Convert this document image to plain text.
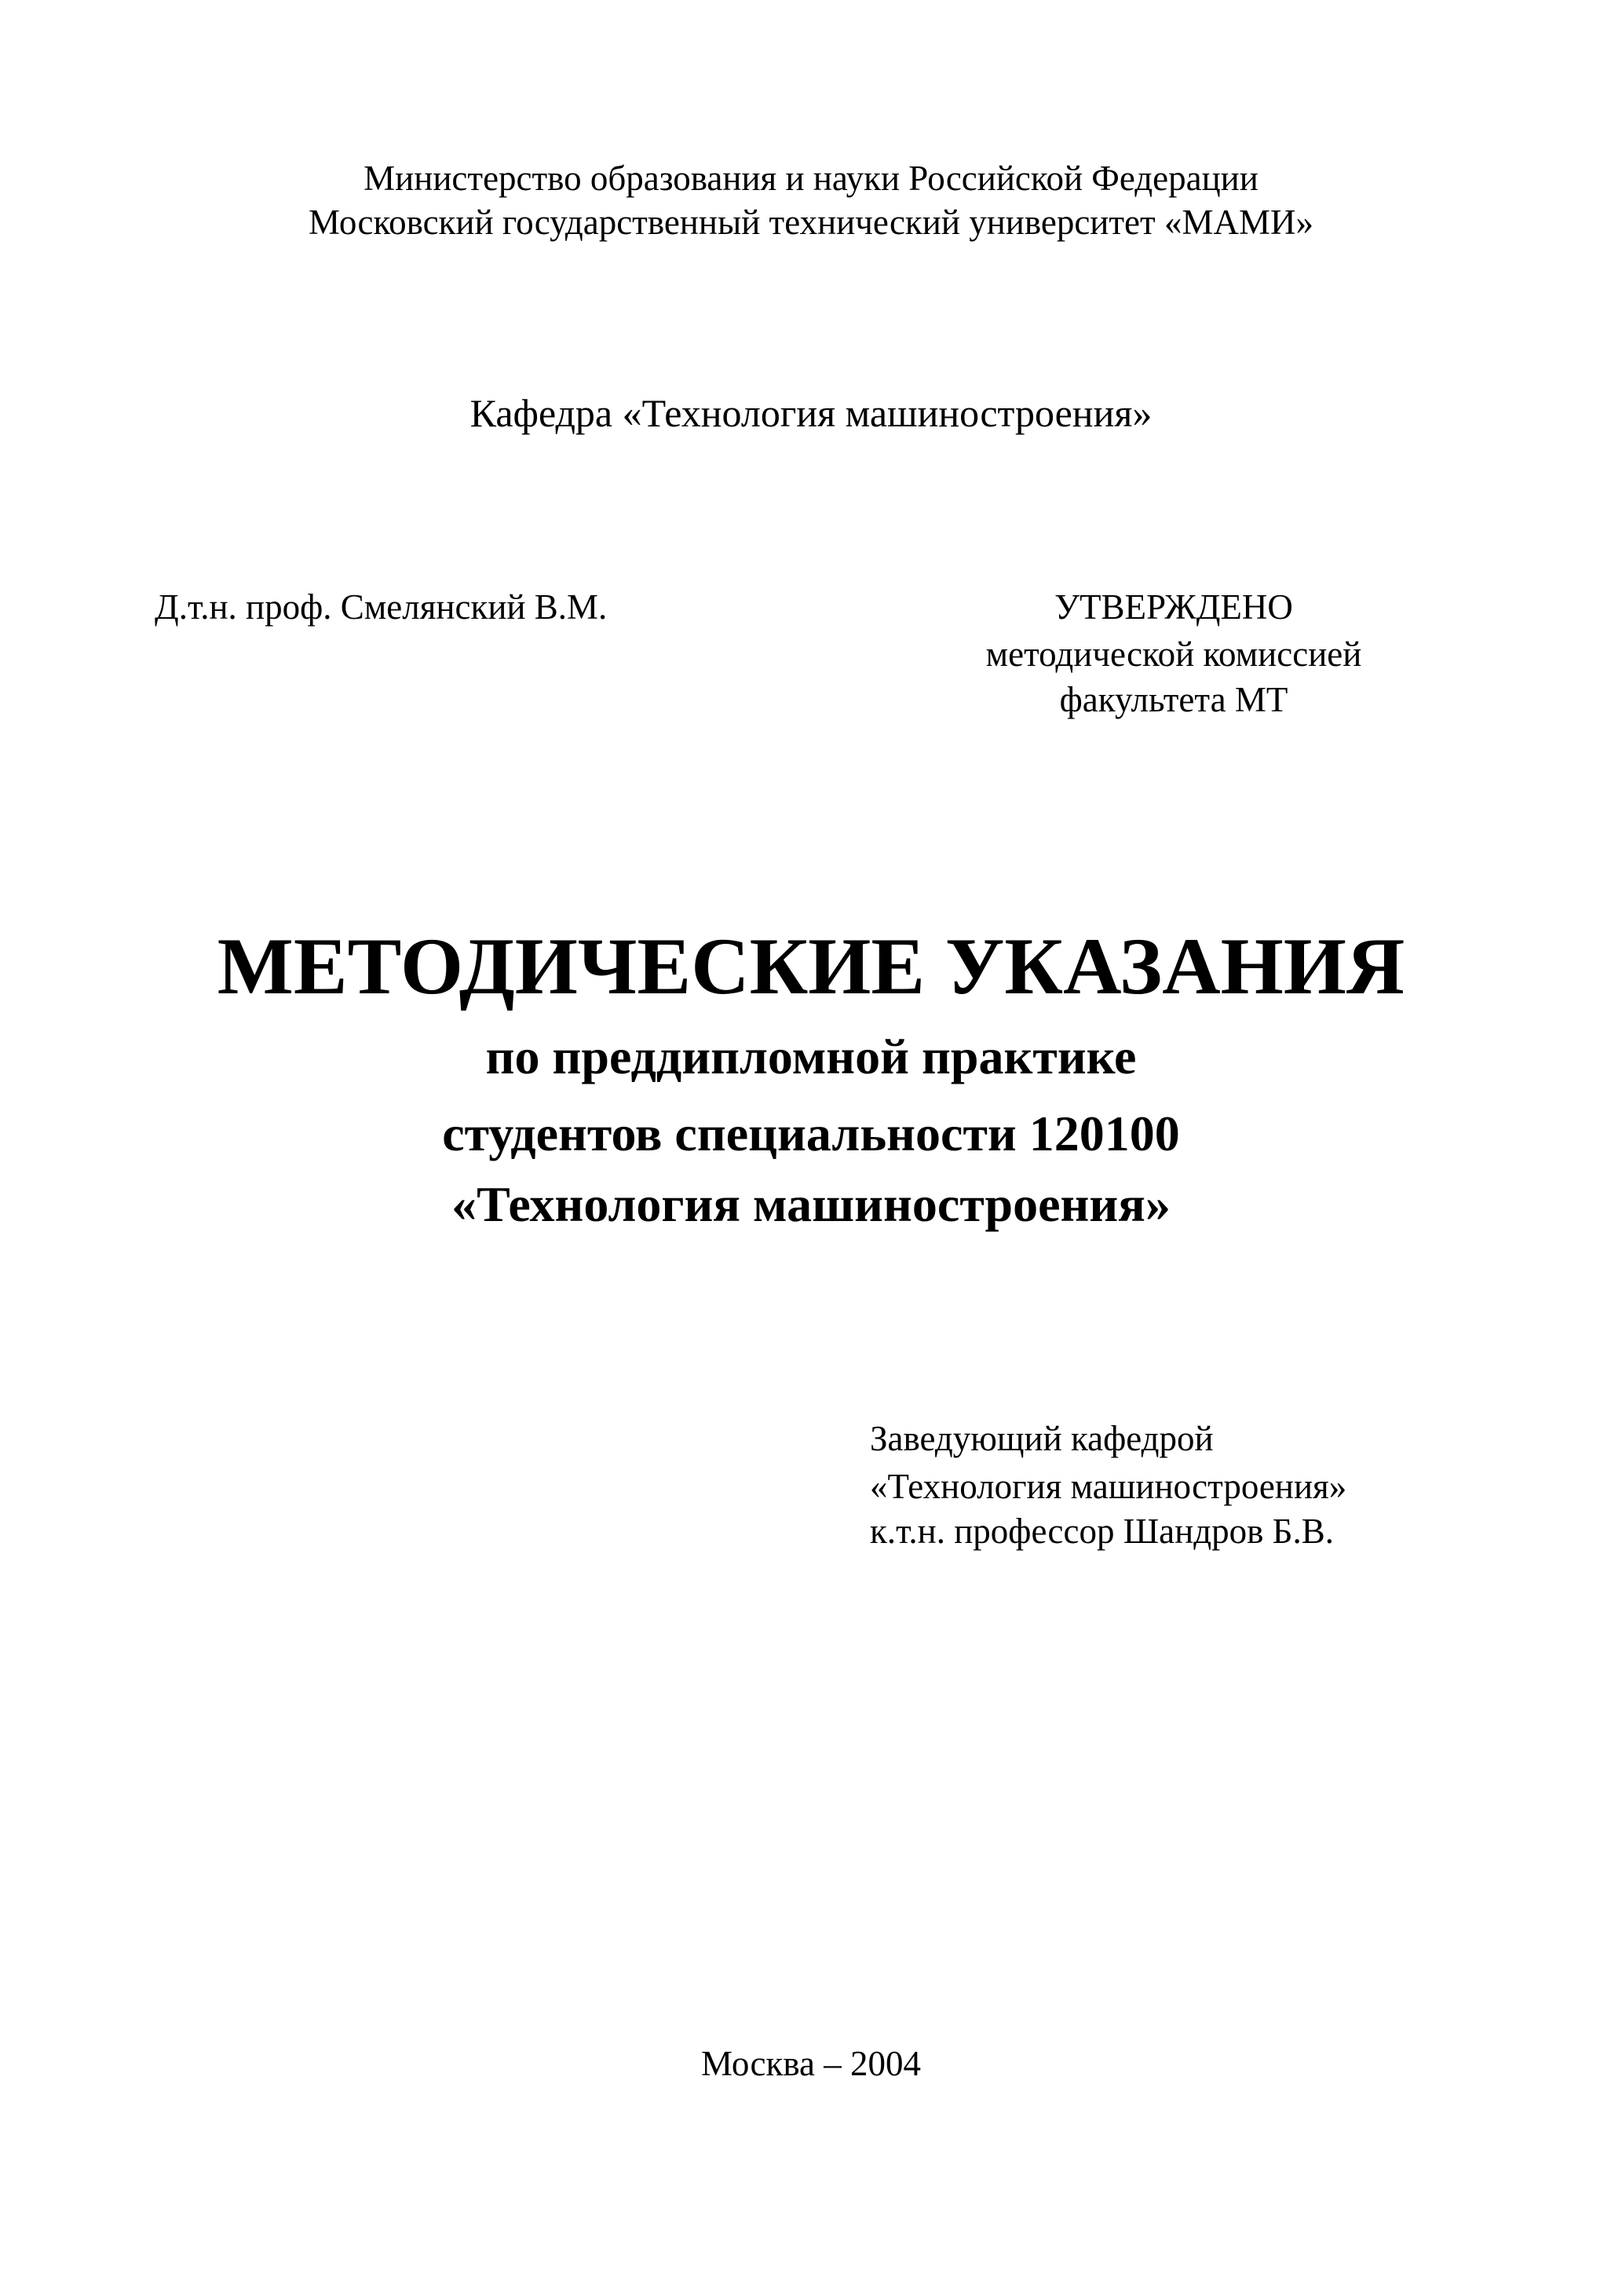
Министерство образования и науки Российской Федерации
Московский государственный технический университет «МАМИ»
Кафедра «Технология машиностроения»
Д.т.н. проф. Смелянский В.М.	УТВЕРЖДЕНО
методической комиссией
факультета МТ
МЕТОДИЧЕСКИЕ УКАЗАНИЯ
по преддипломной практике
студентов специальности 120100
«Технология машиностроения»
Заведующий кафедрой
«Технология машиностроения»
к.т.н. профессор Шандров Б.В.
Москва – 2004
